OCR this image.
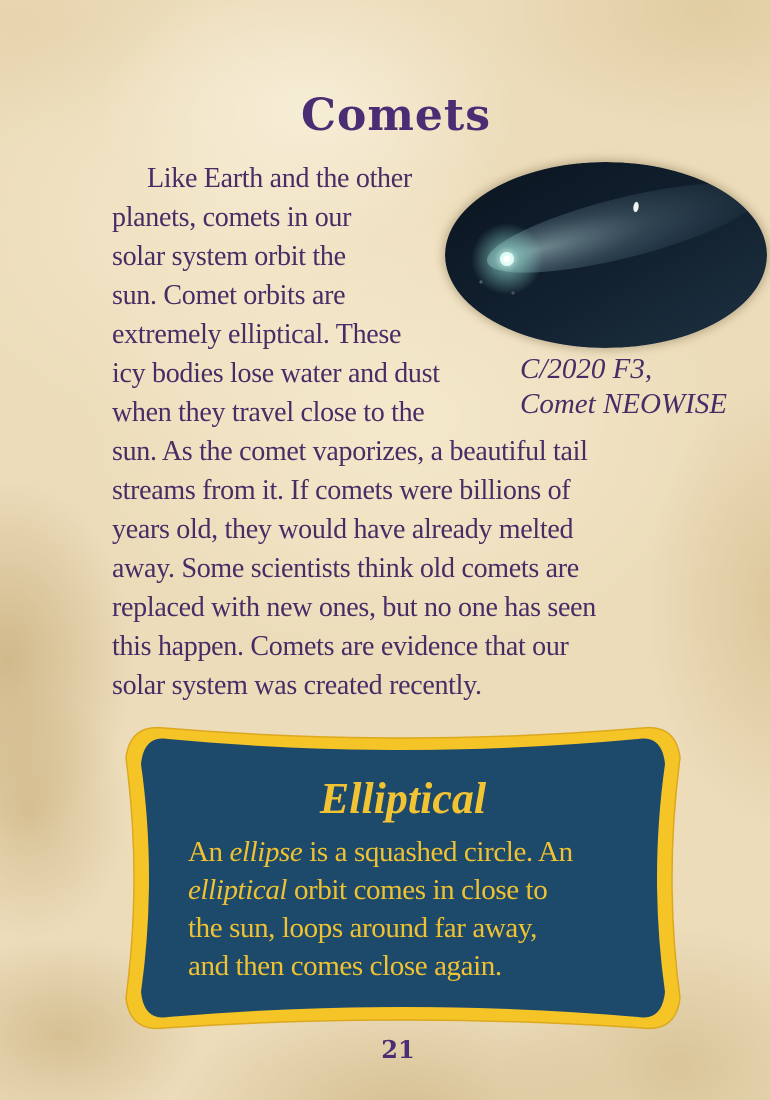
Comets
Like Earth and the other
planets, comets in our
solar system orbit the
sun. Comet orbits are
extremely elliptical. These
icy bodies lose water and dust
when they travel close to the
sun. As the comet vaporizes, a beautiful tail
streams from it. If comets were billions of
years old, they would have already melted
away. Some scientists think old comets are
replaced with new ones, but no one has seen
this happen. Comets are evidence that our
solar system was created recently.
C/2020 F3,
Comet NEOWISE
Elliptical
An ellipse is a squashed circle. An
elliptical orbit comes in close to
the sun, loops around far away,
and then comes close again.
21
